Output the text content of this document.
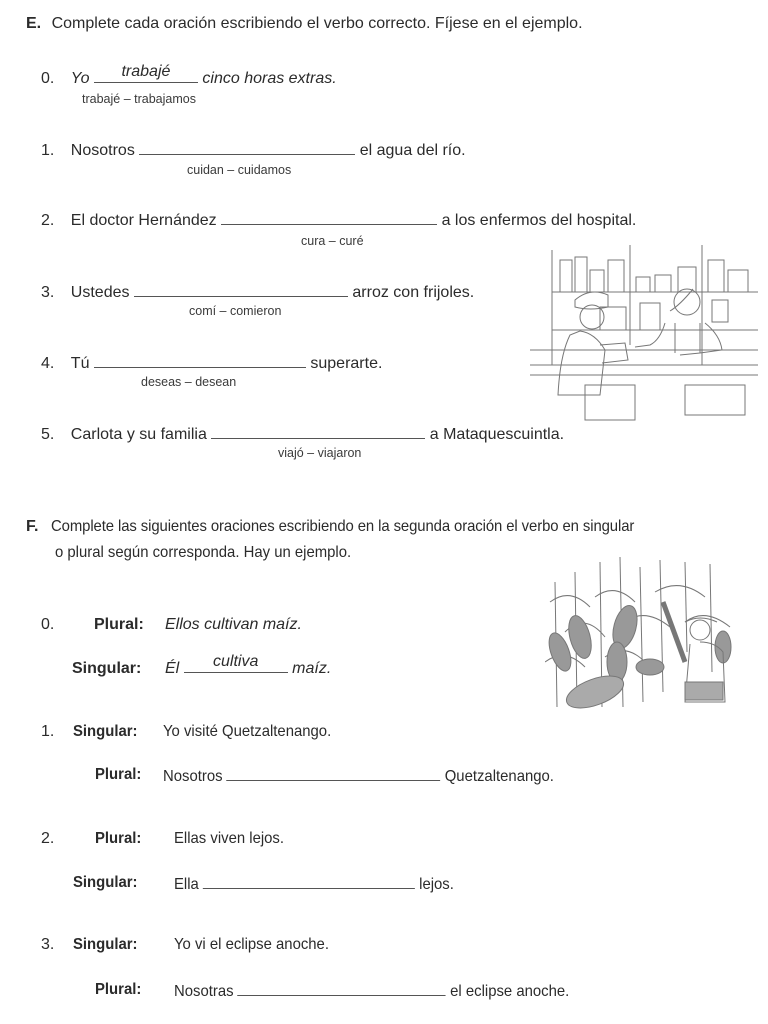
E. Complete cada oración escribiendo el verbo correcto. Fíjese en el ejemplo.
0. Yo	trabajé	cinco horas extras.
trabajé – trabajamos
1. Nosotros	el agua del río.
cuidan – cuidamos
2. El doctor Hernández	a los enfermos del hospital.
cura – curé
3. Ustedes	arroz con frijoles.
comí – comieron
4. Tú	superarte.
deseas – desean
5. Carlota y su familia	a Mataquescuintla.
viajó – viajaron
F. Complete las siguientes oraciones escribiendo en la segunda oración el verbo en singular
o plural según corresponda. Hay un ejemplo.
0. Plural: Ellos cultivan maíz.
Singular: Él	cultiva	maíz.
1. Singular: Yo visité Quetzaltenango.
Plural: Nosotros	Quetzaltenango.
2.	Plural: Ellas viven lejos.
Singular: Ella	lejos.
3. Singular: Yo vi el eclipse anoche.
Plural: Nosotras	el eclipse anoche.
